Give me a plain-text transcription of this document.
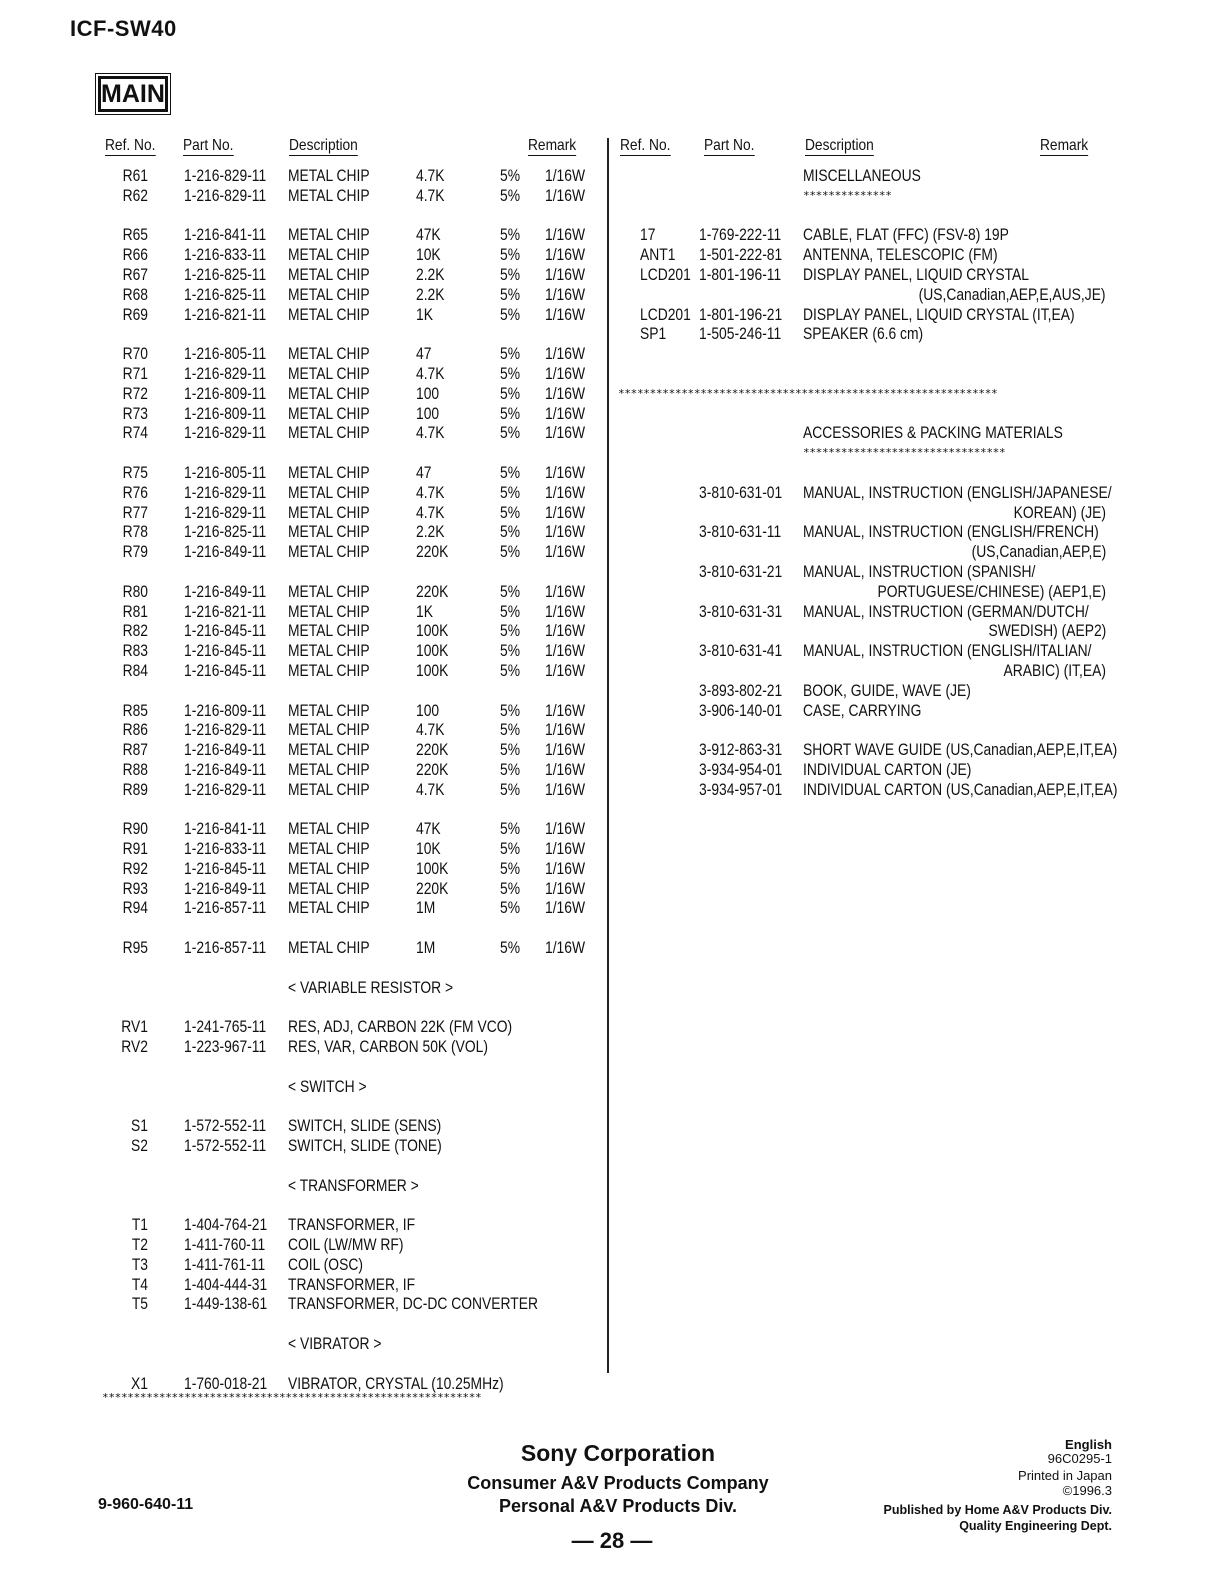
ICF-SW40
MAIN
Ref. No. Part No.	Description	Remark	Ref. No. Part No.	Description	Remark
R61 1-216-829-11 METAL CHIP	4.7K	5% 1/16W
R62 1-216-829-11 METAL CHIP	4.7K	5% 1/16W
R65 1-216-841-11 METAL CHIP	47K	5% 1/16W
R66 1-216-833-11 METAL CHIP	10K	5% 1/16W
R67 1-216-825-11 METAL CHIP	2.2K	5% 1/16W
R68 1-216-825-11 METAL CHIP	2.2K	5% 1/16W
R69 1-216-821-11 METAL CHIP	1K	5% 1/16W
R70 1-216-805-11 METAL CHIP	47	5% 1/16W
R71 1-216-829-11 METAL CHIP	4.7K	5% 1/16W
R72 1-216-809-11 METAL CHIP	100	5% 1/16W
R73 1-216-809-11 METAL CHIP	100	5% 1/16W
R74 1-216-829-11 METAL CHIP	4.7K	5% 1/16W
R75 1-216-805-11 METAL CHIP	47	5% 1/16W
R76 1-216-829-11 METAL CHIP	4.7K	5% 1/16W
R77 1-216-829-11 METAL CHIP	4.7K	5% 1/16W
R78 1-216-825-11 METAL CHIP	2.2K	5% 1/16W
R79 1-216-849-11 METAL CHIP	220K	5% 1/16W
R80 1-216-849-11 METAL CHIP	220K	5% 1/16W
R81 1-216-821-11 METAL CHIP	1K	5% 1/16W
R82 1-216-845-11 METAL CHIP	100K	5% 1/16W
R83 1-216-845-11 METAL CHIP	100K	5% 1/16W
R84 1-216-845-11 METAL CHIP	100K	5% 1/16W
R85 1-216-809-11 METAL CHIP	100	5% 1/16W
R86 1-216-829-11 METAL CHIP	4.7K	5% 1/16W
R87 1-216-849-11 METAL CHIP	220K	5% 1/16W
R88 1-216-849-11 METAL CHIP	220K	5% 1/16W
R89 1-216-829-11 METAL CHIP	4.7K	5% 1/16W
R90 1-216-841-11 METAL CHIP	47K	5% 1/16W
R91 1-216-833-11 METAL CHIP	10K	5% 1/16W
R92 1-216-845-11 METAL CHIP	100K	5% 1/16W
R93 1-216-849-11 METAL CHIP	220K	5% 1/16W
R94 1-216-857-11 METAL CHIP	1M	5% 1/16W
R95 1-216-857-11 METAL CHIP	1M	5% 1/16W
< VARIABLE RESISTOR >
RV1 1-241-765-11 RES, ADJ, CARBON 22K (FM VCO)
RV2 1-223-967-11 RES, VAR, CARBON 50K (VOL)
< SWITCH >
S1 1-572-552-11 SWITCH, SLIDE (SENS)
S2 1-572-552-11 SWITCH, SLIDE (TONE)
< TRANSFORMER >
T1 1-404-764-21 TRANSFORMER, IF
T2 1-411-760-11 COIL (LW/MW RF)
T3 1-411-761-11 COIL (OSC)
T4 1-404-444-31 TRANSFORMER, IF
T5 1-449-138-61 TRANSFORMER, DC-DC CONVERTER
< VIBRATOR >
X1 1-760-018-21 VIBRATOR, CRYSTAL (10.25MHz)
************************************************************
MISCELLANEOUS
**************
17	1-769-222-11 CABLE, FLAT (FFC) (FSV-8) 19P
ANT1 1-501-222-81 ANTENNA, TELESCOPIC (FM)
LCD201 1-801-196-11 DISPLAY PANEL, LIQUID CRYSTAL
(US,Canadian,AEP,E,AUS,JE)
LCD201 1-801-196-21 DISPLAY PANEL, LIQUID CRYSTAL (IT,EA)
SP1 1-505-246-11 SPEAKER (6.6 cm)
************************************************************
ACCESSORIES & PACKING MATERIALS
********************************
3-810-631-01 MANUAL, INSTRUCTION (ENGLISH/JAPANESE/
KOREAN) (JE)
3-810-631-11 MANUAL, INSTRUCTION (ENGLISH/FRENCH)
(US,Canadian,AEP,E)
3-810-631-21 MANUAL, INSTRUCTION (SPANISH/
PORTUGUESE/CHINESE) (AEP1,E)
3-810-631-31 MANUAL, INSTRUCTION (GERMAN/DUTCH/
SWEDISH) (AEP2)
3-810-631-41 MANUAL, INSTRUCTION (ENGLISH/ITALIAN/
ARABIC) (IT,EA)
3-893-802-21 BOOK, GUIDE, WAVE (JE)
3-906-140-01 CASE, CARRYING
3-912-863-31 SHORT WAVE GUIDE (US,Canadian,AEP,E,IT,EA)
3-934-954-01 INDIVIDUAL CARTON (JE)
3-934-957-01 INDIVIDUAL CARTON (US,Canadian,AEP,E,IT,EA)
9-960-640-11
Sony Corporation
Consumer A&V Products Company
Personal A&V Products Div.
— 28 —
English
96C0295-1
Printed in Japan
©1996.3
Published by Home A&V Products Div.
Quality Engineering Dept.
